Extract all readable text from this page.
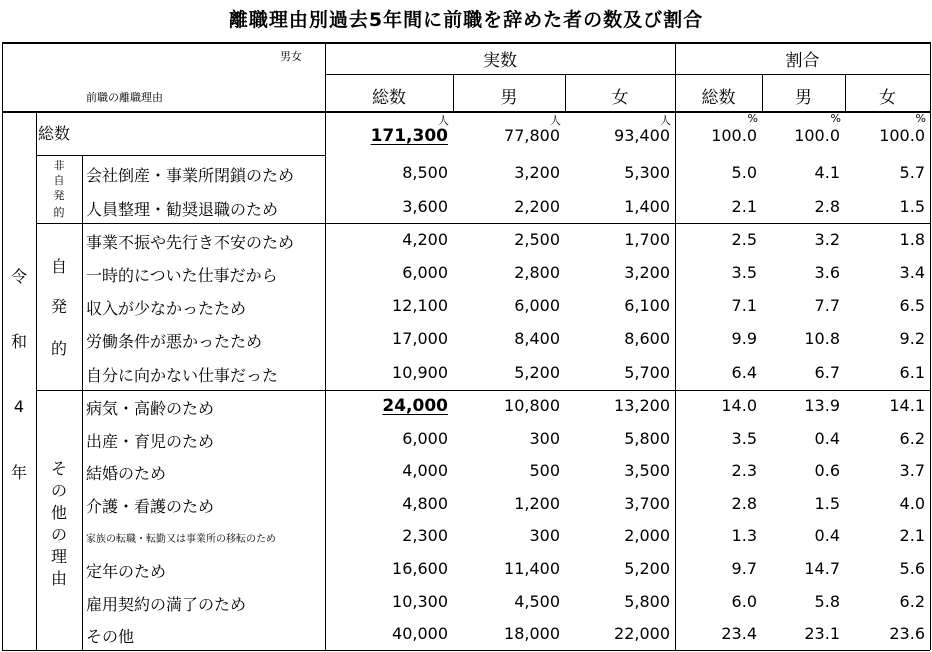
離職理由別過去5年間に前職を辞めた者の数及び割合
男女
前職の離職理由
実数	割合
総数	男	女	総数	男	女
令
和
4
年
非
自
発
的
自
発
的
そ
の
他
の
理
由
人	人	人	%	%	%
総数	171,300	77,800	93,400	100.0	100.0	100.0
会社倒産・事業所閉鎖のため	8,500	3,200	5,300	5.0	4.1	5.7
人員整理・勧奨退職のため	3,600	2,200	1,400	2.1	2.8	1.5
事業不振や先行き不安のため	4,200	2,500	1,700	2.5	3.2	1.8
一時的についた仕事だから	6,000	2,800	3,200	3.5	3.6	3.4
収入が少なかったため	12,100	6,000	6,100	7.1	7.7	6.5
労働条件が悪かったため	17,000	8,400	8,600	9.9	10.8	9.2
自分に向かない仕事だった	10,900	5,200	5,700	6.4	6.7	6.1
病気・高齢のため	24,000	10,800	13,200	14.0	13.9	14.1
出産・育児のため	6,000	300	5,800	3.5	0.4	6.2
結婚のため	4,000	500	3,500	2.3	0.6	3.7
介護・看護のため	4,800	1,200	3,700	2.8	1.5	4.0
家族の転職・転勤又は事業所の移転のため	2,300	300	2,000	1.3	0.4	2.1
定年のため	16,600	11,400	5,200	9.7	14.7	5.6
雇用契約の満了のため	10,300	4,500	5,800	6.0	5.8	6.2
その他	40,000	18,000	22,000	23.4	23.1	23.6
